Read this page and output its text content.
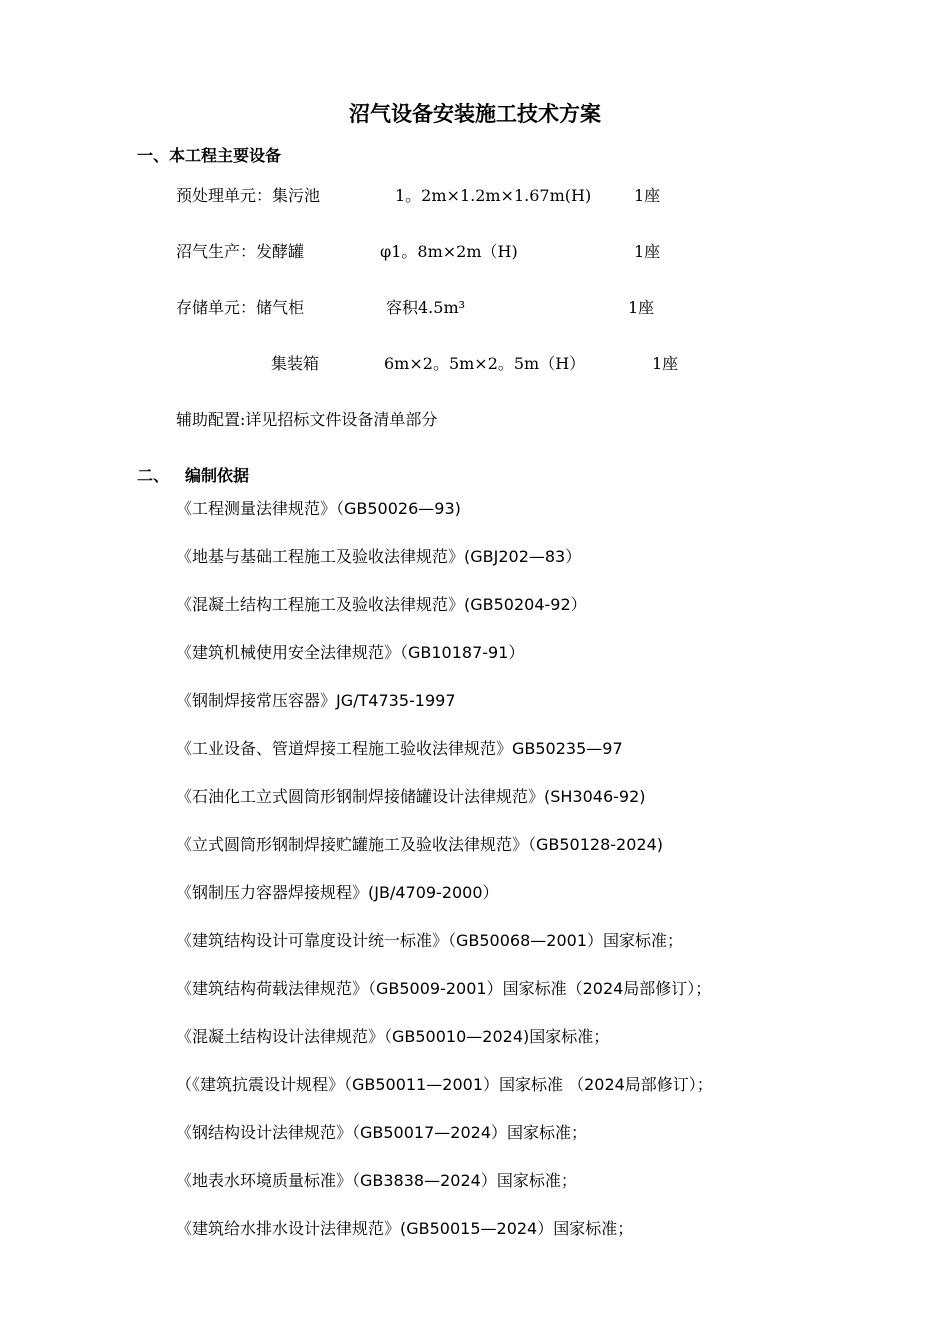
沼气设备安装施工技术方案
一、本工程主要设备
预处理单元：集污池	1。2m×1.2m×1.67m(H)	1座
沼气生产：发酵罐	φ1。8m×2m（H)	1座
存储单元：储气柜	容积4.5m³	1座
集装箱	6m×2。5m×2。5m（H）	1座
辅助配置:详见招标文件设备清单部分
二、 编制依据
《工程测量法律规范》（GB50026—93)
《地基与基础工程施工及验收法律规范》(GBJ202—83）
《混凝土结构工程施工及验收法律规范》(GB50204-92）
《建筑机械使用安全法律规范》（GB10187-91）
《钢制焊接常压容器》JG/T4735-1997
《工业设备、管道焊接工程施工验收法律规范》GB50235—97
《石油化工立式圆筒形钢制焊接储罐设计法律规范》(SH3046-92)
《立式圆筒形钢制焊接贮罐施工及验收法律规范》（GB50128-2024)
《钢制压力容器焊接规程》(JB/4709-2000）
《建筑结构设计可靠度设计统一标准》（GB50068—2001）国家标准；
《建筑结构荷载法律规范》（GB5009-2001）国家标准（2024局部修订）；
《混凝土结构设计法律规范》（GB50010—2024)国家标准；
（《建筑抗震设计规程》（GB50011—2001）国家标准 （2024局部修订）；
《钢结构设计法律规范》（GB50017—2024）国家标准；
《地表水环境质量标准》（GB3838—2024）国家标准；
《建筑给水排水设计法律规范》(GB50015—2024）国家标准；
